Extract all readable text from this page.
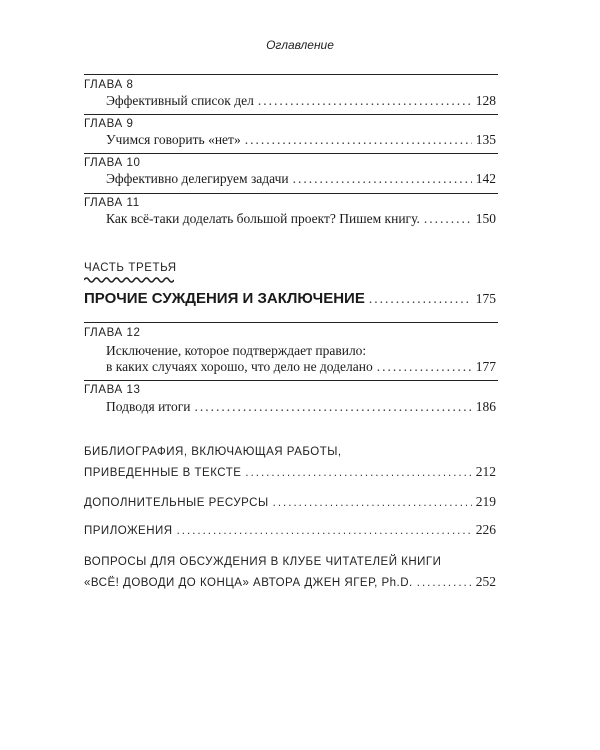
Оглавление
ГЛАВА 8
Эффективный список дел .....	128
ГЛАВА 9
Учимся говорить «нет» .....	135
ГЛАВА 10
Эффективно делегируем задачи .....	142
ГЛАВА 11
Как всё-таки доделать большой проект? Пишем книгу. .....	150
ЧАСТЬ ТРЕТЬЯ
ПРОЧИЕ СУЖДЕНИЯ И ЗАКЛЮЧЕНИЕ .....	175
ГЛАВА 12
Исключение, которое подтверждает правило:
в каких случаях хорошо, что дело не доделано .....	177
ГЛАВА 13
Подводя итоги .....	186
БИБЛИОГРАФИЯ, ВКЛЮЧАЮЩАЯ РАБОТЫ,
ПРИВЕДЕННЫЕ В ТЕКСТЕ .....	212
ДОПОЛНИТЕЛЬНЫЕ РЕСУРСЫ .....	219
ПРИЛОЖЕНИЯ .....	226
ВОПРОСЫ ДЛЯ ОБСУЖДЕНИЯ В КЛУБЕ ЧИТАТЕЛЕЙ КНИГИ
«ВСЁ! ДОВОДИ ДО КОНЦА» АВТОРА ДЖЕН ЯГЕР, Ph.D. .....	252
